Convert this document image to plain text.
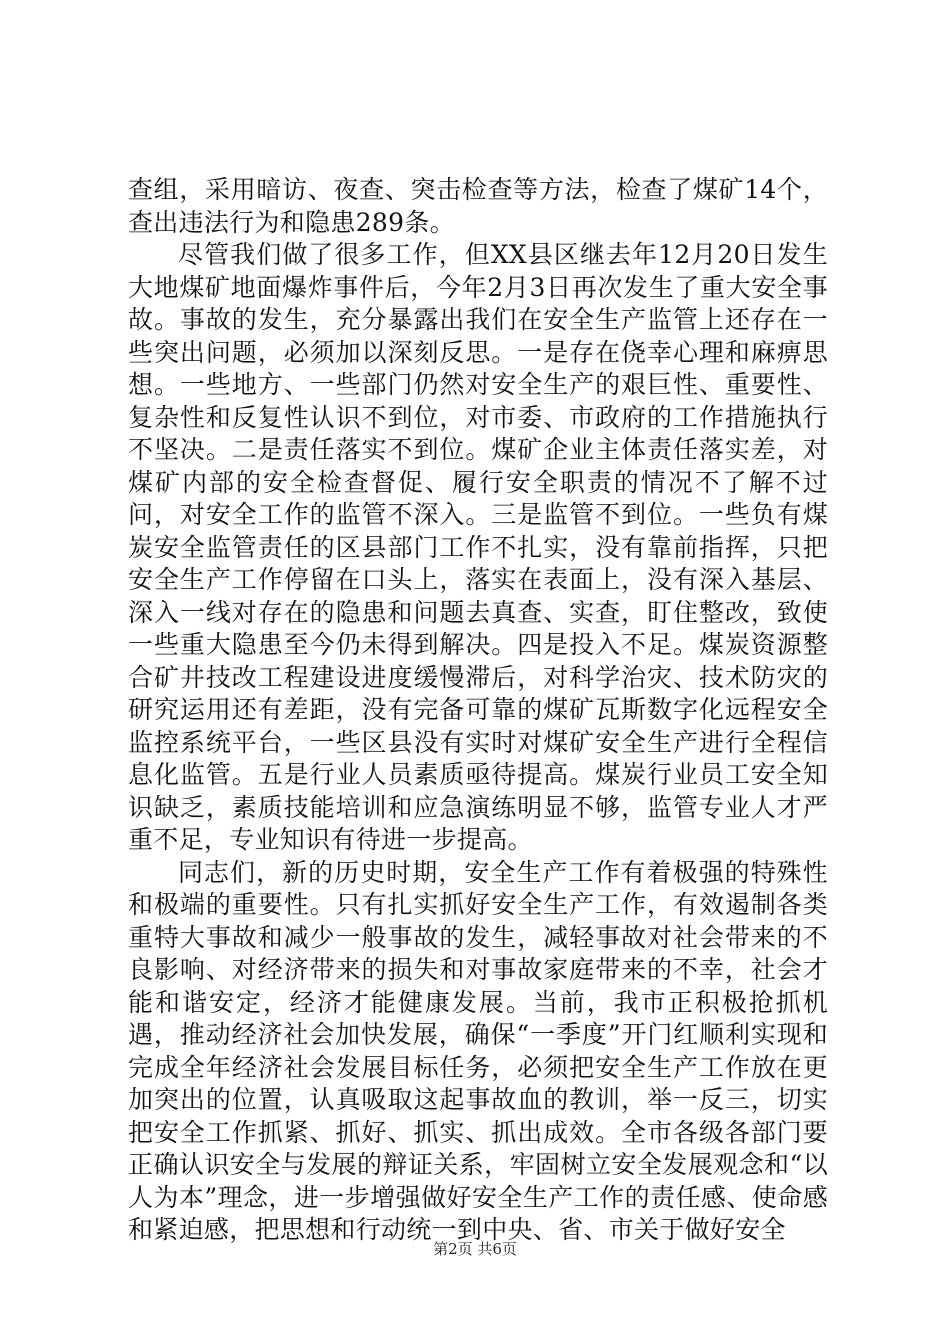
查组，采用暗访、夜查、突击检查等方法，检查了煤矿14个，查出违法行为和隐患289条。

尽管我们做了很多工作，但XX县区继去年12月20日发生大地煤矿地面爆炸事件后，今年2月3日再次发生了重大安全事故。事故的发生，充分暴露出我们在安全生产监管上还存在一些突出问题，必须加以深刻反思。一是存在侥幸心理和麻痹思想。一些地方、一些部门仍然对安全生产的艰巨性、重要性、复杂性和反复性认识不到位，对市委、市政府的工作措施执行不坚决。二是责任落实不到位。煤矿企业主体责任落实差，对煤矿内部的安全检查督促、履行安全职责的情况不了解不过问，对安全工作的监管不深入。三是监管不到位。一些负有煤炭安全监管责任的区县部门工作不扎实，没有靠前指挥，只把安全生产工作停留在口头上，落实在表面上，没有深入基层、深入一线对存在的隐患和问题去真查、实查，盯住整改，致使一些重大隐患至今仍未得到解决。四是投入不足。煤炭资源整合矿井技改工程建设进度缓慢滞后，对科学治灾、技术防灾的研究运用还有差距，没有完备可靠的煤矿瓦斯数字化远程安全监控系统平台，一些区县没有实时对煤矿安全生产进行全程信息化监管。五是行业人员素质亟待提高。煤炭行业员工安全知识缺乏，素质技能培训和应急演练明显不够，监管专业人才严重不足，专业知识有待进一步提高。

同志们，新的历史时期，安全生产工作有着极强的特殊性和极端的重要性。只有扎实抓好安全生产工作，有效遏制各类重特大事故和减少一般事故的发生，减轻事故对社会带来的不良影响、对经济带来的损失和对事故家庭带来的不幸，社会才能和谐安定，经济才能健康发展。当前，我市正积极抢抓机遇，推动经济社会加快发展，确保“一季度”开门红顺利实现和完成全年经济社会发展目标任务，必须把安全生产工作放在更加突出的位置，认真吸取这起事故血的教训，举一反三，切实把安全工作抓紧、抓好、抓实、抓出成效。全市各级各部门要正确认识安全与发展的辩证关系，牢固树立安全发展观念和“以人为本”理念，进一步增强做好安全生产工作的责任感、使命感和紧迫感，把思想和行动统一到中央、省、市关于做好安全

第2页 共6页
